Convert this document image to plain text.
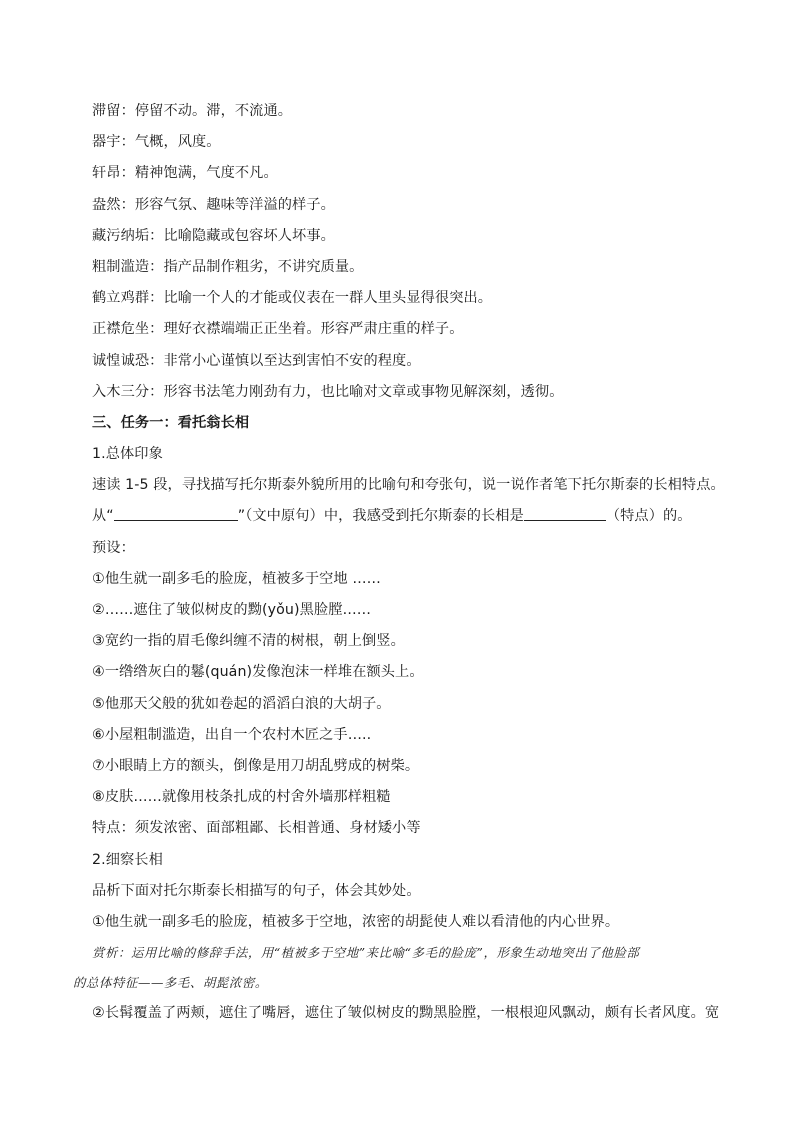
滞留：停留不动。滞，不流通。
器宇：气概，风度。
轩昂：精神饱满，气度不凡。
盎然：形容气氛、趣味等洋溢的样子。
藏污纳垢：比喻隐藏或包容坏人坏事。
粗制滥造：指产品制作粗劣，不讲究质量。
鹤立鸡群：比喻一个人的才能或仪表在一群人里头显得很突出。
正襟危坐：理好衣襟端端正正坐着。形容严肃庄重的样子。
诚惶诚恐：非常小心谨慎以至达到害怕不安的程度。
入木三分：形容书法笔力刚劲有力，也比喻对文章或事物见解深刻，透彻。
三、任务一：看托翁长相
1.总体印象
速读 1-5 段，寻找描写托尔斯泰外貌所用的比喻句和夸张句，说一说作者笔下托尔斯泰的长相特点。
从“	”（文中原句）中，我感受到托尔斯泰的长相是	（特点）的。
预设：
①他生就一副多毛的脸庞，植被多于空地 ……
②……遮住了皱似树皮的黝(yǒu)黑脸膛……
③宽约一指的眉毛像纠缠不清的树根，朝上倒竖。
④一绺绺灰白的鬈(quán)发像泡沫一样堆在额头上。
⑤他那天父般的犹如卷起的滔滔白浪的大胡子。
⑥小屋粗制滥造，出自一个农村木匠之手…..
⑦小眼睛上方的额头，倒像是用刀胡乱劈成的树柴。
⑧皮肤……就像用枝条扎成的村舍外墙那样粗糙
特点：须发浓密、面部粗鄙、长相普通、身材矮小等
2.细察长相
品析下面对托尔斯泰长相描写的句子，体会其妙处。
①他生就一副多毛的脸庞，植被多于空地，浓密的胡髭使人难以看清他的内心世界。
赏析：运用比喻的修辞手法，用“植被多于空地”来比喻“多毛的脸庞”，形象生动地突出了他脸部
的总体特征——多毛、胡髭浓密。
②长髯覆盖了两颊，遮住了嘴唇，遮住了皱似树皮的黝黑脸膛，一根根迎风飘动，颇有长者风度。宽
